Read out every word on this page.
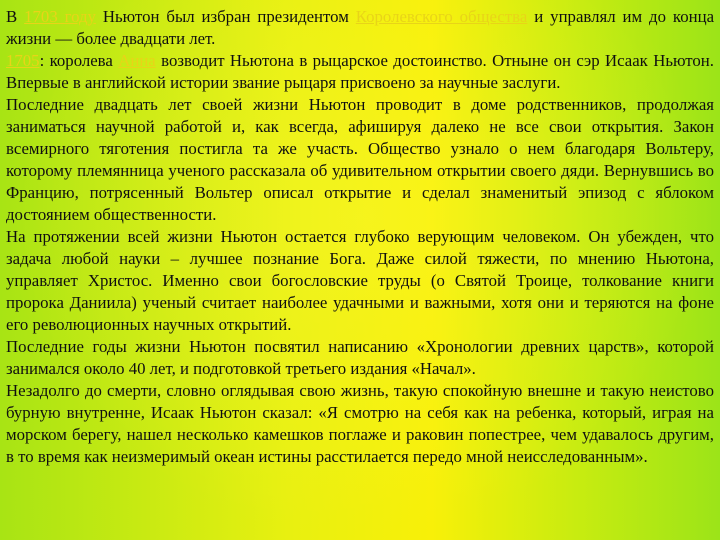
В 1703 году Ньютон был избран президентом Королевского общества и управлял им до конца жизни — более двадцати лет.

1705: королева Анна возводит Ньютона в рыцарское достоинство. Отныне он сэр Исаак Ньютон. Впервые в английской истории звание рыцаря присвоено за научные заслуги.

Последние двадцать лет своей жизни Ньютон проводит в доме родственников, продолжая заниматься научной работой и, как всегда, афишируя далеко не все свои открытия. Закон всемирного тяготения постигла та же участь. Общество узнало о нем благодаря Вольтеру, которому племянница ученого рассказала об удивительном открытии своего дяди. Вернувшись во Францию, потрясенный Вольтер описал открытие и сделал знаменитый эпизод с яблоком достоянием общественности.

На протяжении всей жизни Ньютон остается глубоко верующим человеком. Он убежден, что задача любой науки – лучшее познание Бога. Даже силой тяжести, по мнению Ньютона, управляет Христос. Именно свои богословские труды (о Святой Троице, толкование книги пророка Даниила) ученый считает наиболее удачными и важными, хотя они и теряются на фоне его революционных научных открытий.

Последние годы жизни Ньютон посвятил написанию «Хронологии древних царств», которой занимался около 40 лет, и подготовкой третьего издания «Начал».

Незадолго до смерти, словно оглядывая свою жизнь, такую спокойную внешне и такую неистово бурную внутренне, Исаак Ньютон сказал: «Я смотрю на себя как на ребенка, который, играя на морском берегу, нашел несколько камешков поглаже и раковин попестрее, чем удавалось другим, в то время как неизмеримый океан истины расстилается передо мной неисследованным».
